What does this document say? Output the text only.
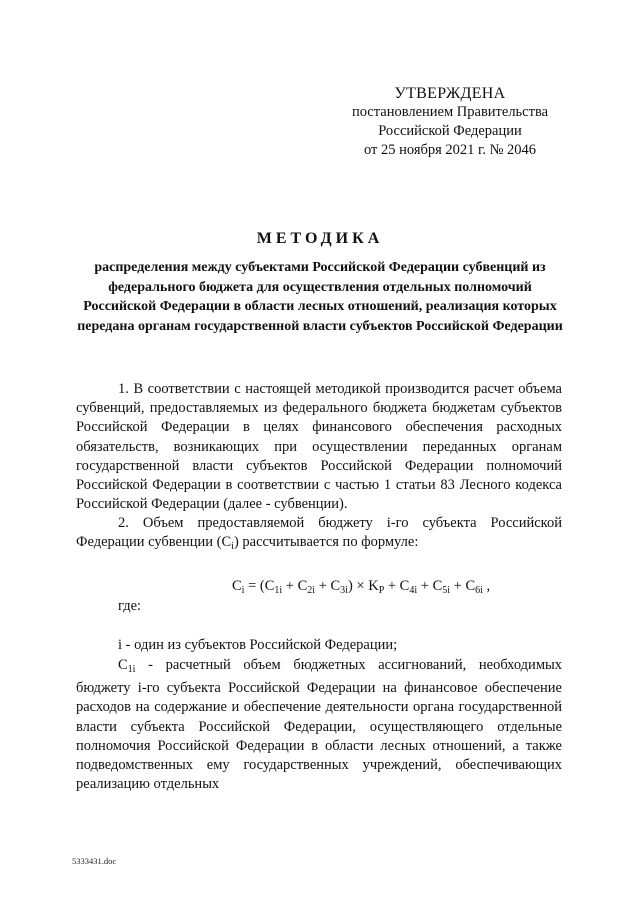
УТВЕРЖДЕНА
постановлением Правительства
Российской Федерации
от 25 ноября 2021 г. № 2046
МЕТОДИКА
распределения между субъектами Российской Федерации субвенций из федерального бюджета для осуществления отдельных полномочий Российской Федерации в области лесных отношений, реализация которых передана органам государственной власти субъектов Российской Федерации
1. В соответствии с настоящей методикой производится расчет объема субвенций, предоставляемых из федерального бюджета бюджетам субъектов Российской Федерации в целях финансового обеспечения расходных обязательств, возникающих при осуществлении переданных органам государственной власти субъектов Российской Федерации полномочий Российской Федерации в соответствии с частью 1 статьи 83 Лесного кодекса Российской Федерации (далее - субвенции).
2. Объем предоставляемой бюджету i-го субъекта Российской Федерации субвенции $(C_i)$ рассчитывается по формуле:
$C_i = (C_{1i} + C_{2i} + C_{3i}) \times K_P + C_{4i} + C_{5i} + C_{6i}$ ,
где:
i - один из субъектов Российской Федерации;
$C_{1i}$ - расчетный объем бюджетных ассигнований, необходимых бюджету i-го субъекта Российской Федерации на финансовое обеспечение расходов на содержание и обеспечение деятельности органа государственной власти субъекта Российской Федерации, осуществляющего отдельные полномочия Российской Федерации в области лесных отношений, а также подведомственных ему государственных учреждений, обеспечивающих реализацию отдельных
5333431.doc
